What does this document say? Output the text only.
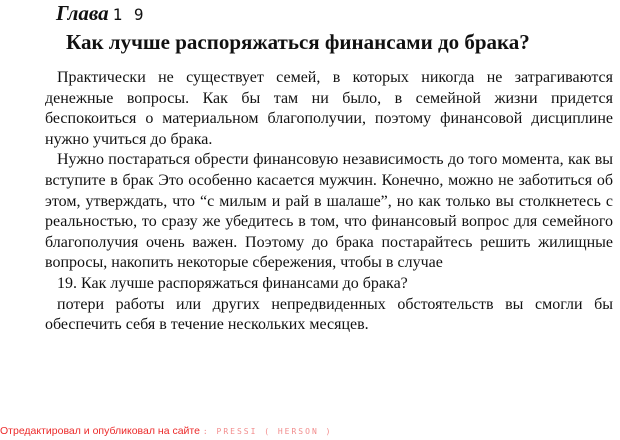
Глава 1 9
Как лучше распоряжаться финансами до брака?

Практически не существует семей, в которых никогда не затрагиваются денежные вопросы. Как бы там ни было, в семейной жизни придется беспокоиться о материальном благополучии, поэтому финансовой дисциплине нужно учиться до брака.

Нужно постараться обрести финансовую независимость до того момента, как вы вступите в брак Это особенно касается мужчин. Конечно, можно не заботиться об этом, утверждать, что “с милым и рай в шалаше”, но как только вы столкнетесь с реальностью, то сразу же убедитесь в том, что финансовый вопрос для семейного благополучия очень важен. Поэтому до брака постарайтесь решить жилищные вопросы, накопить некоторые сбережения, чтобы в случае

19. Как лучше распоряжаться финансами до брака?

потери работы или других непредвиденных обстоятельств вы смогли бы обеспечить себя в течение нескольких месяцев.

Отредактировал и опубликовал на сайте : PRESSI ( HERSON )
